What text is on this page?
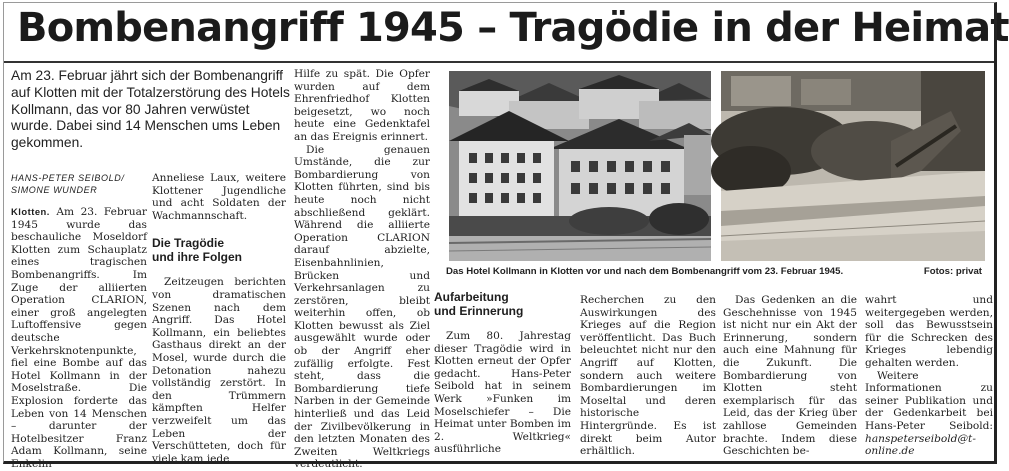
Bombenangriff 1945 – Tragödie in der Heimat

Am 23. Februar jährt sich der Bombenangriff auf Klotten mit der Totalzerstörung des Hotels Kollmann, das vor 80 Jahren verwüstet wurde. Dabei sind 14 Menschen ums Leben gekommen.

HANS-PETER SEIBOLD/
SIMONE WUNDER

Klotten. Am 23. Februar 1945 wurde das beschauliche Moseldorf Klotten zum Schauplatz eines tragischen Bombenangriffs. Im Zuge der alliierten Operation CLARION, einer groß angelegten Luftoffensive gegen deutsche Verkehrsknotenpunkte, fiel eine Bombe auf das Hotel Kollmann in der Moselstraße. Die Explosion forderte das Leben von 14 Menschen – darunter der Hotelbesitzer Franz Adam Kollmann, seine Enkelin

Anneliese Laux, weitere Klottener Jugendliche und acht Soldaten der Wachmannschaft.

Die Tragödie
und ihre Folgen

Zeitzeugen berichten von dramatischen Szenen nach dem Angriff. Das Hotel Kollmann, ein beliebtes Gasthaus direkt an der Mosel, wurde durch die Detonation nahezu vollständig zerstört. In den Trümmern kämpften Helfer verzweifelt um das Leben der Verschütteten, doch für viele kam jede

Hilfe zu spät. Die Opfer wurden auf dem Ehrenfriedhof Klotten beigesetzt, wo noch heute eine Gedenktafel an das Ereignis erinnert.

Die genauen Umstände, die zur Bombardierung von Klotten führten, sind bis heute noch nicht abschließend geklärt. Während die alliierte Operation CLARION darauf abzielte, Eisenbahnlinien, Brücken und Verkehrsanlagen zu zerstören, bleibt weiterhin offen, ob Klotten bewusst als Ziel ausgewählt wurde oder ob der Angriff eher zufällig erfolgte. Fest steht, dass die Bombardierung tiefe Narben in der Gemeinde hinterließ und das Leid der Zivilbevölkerung in den letzten Monaten des Zweiten Weltkriegs verdeutlicht.

Das Hotel Kollmann in Klotten vor und nach dem Bombenangriff vom 23. Februar 1945.	Fotos: privat

Aufarbeitung
und Erinnerung

Zum 80. Jahrestag dieser Tragödie wird in Klotten erneut der Opfer gedacht. Hans-Peter Seibold hat in seinem Werk »Funken im Moselschiefer – Die Heimat unter Bomben im 2. Weltkrieg« ausführliche

Recherchen zu den Auswirkungen des Krieges auf die Region veröffentlicht. Das Buch beleuchtet nicht nur den Angriff auf Klotten, sondern auch weitere Bombardierungen im Moseltal und deren historische Hintergründe. Es ist direkt beim Autor erhältlich.

Das Gedenken an die Geschehnisse von 1945 ist nicht nur ein Akt der Erinnerung, sondern auch eine Mahnung für die Zukunft. Die Bombardierung von Klotten steht exemplarisch für das Leid, das der Krieg über zahllose Gemeinden brachte. Indem diese Geschichten be-

wahrt und weitergegeben werden, soll das Bewusstsein für die Schrecken des Krieges lebendig gehalten werden.

Weitere Informationen zu seiner Publikation und der Gedenkarbeit bei Hans-Peter Seibold: hanspeterseibold@t-online.de
